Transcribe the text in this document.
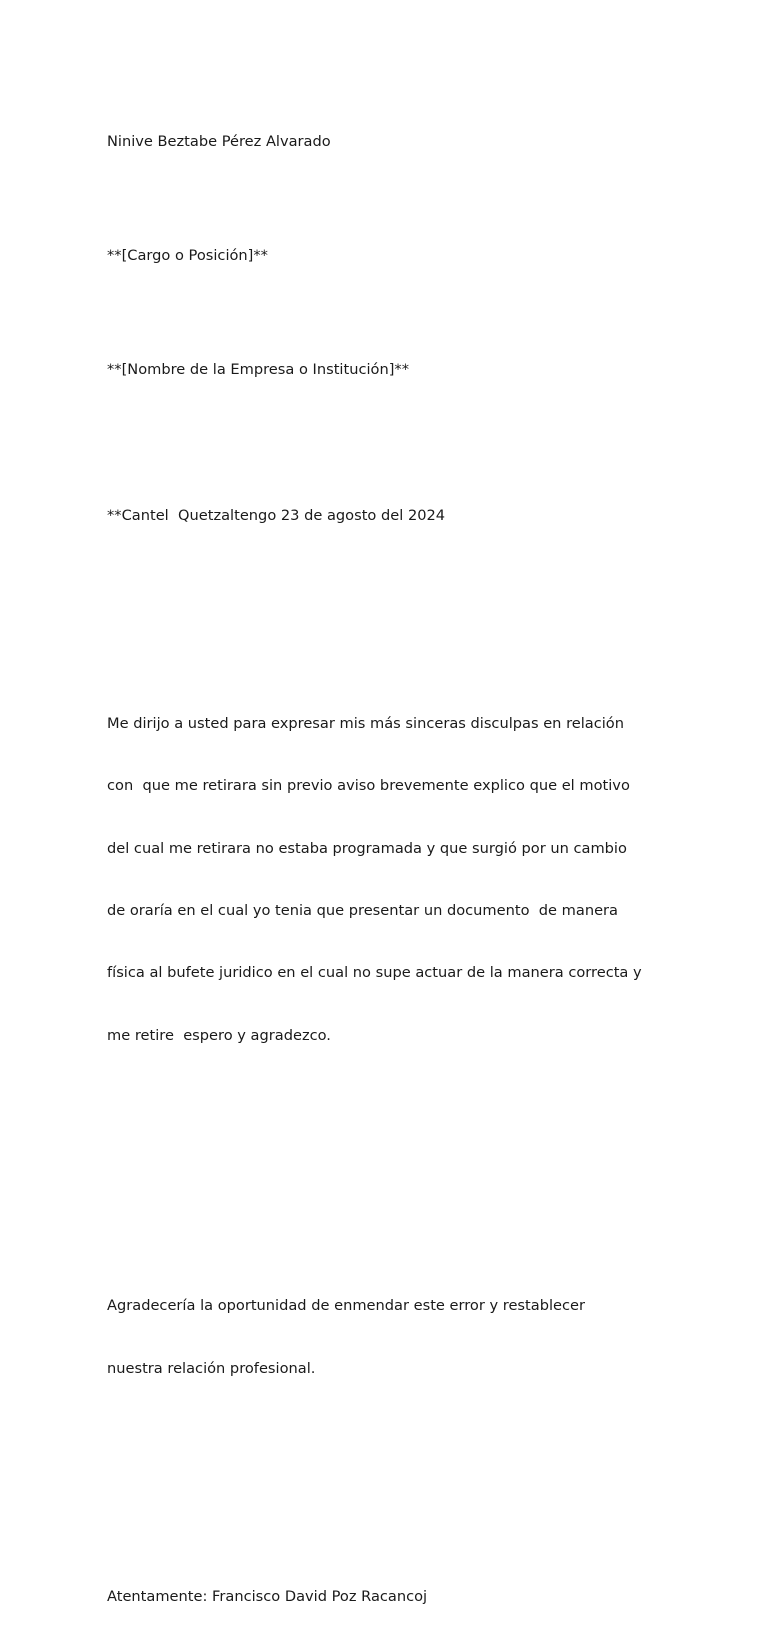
Ninive Beztabe Pérez Alvarado

**[Cargo o Posición]**

**[Nombre de la Empresa o Institución]**

**Cantel  Quetzaltengo 23 de agosto del 2024

Me dirijo a usted para expresar mis más sinceras disculpas en relación

con  que me retirara sin previo aviso brevemente explico que el motivo

del cual me retirara no estaba programada y que surgió por un cambio

de oraría en el cual yo tenia que presentar un documento  de manera

física al bufete juridico en el cual no supe actuar de la manera correcta y

me retire  espero y agradezco.

Agradecería la oportunidad de enmendar este error y restablecer

nuestra relación profesional.

Atentamente: Francisco David Poz Racancoj
